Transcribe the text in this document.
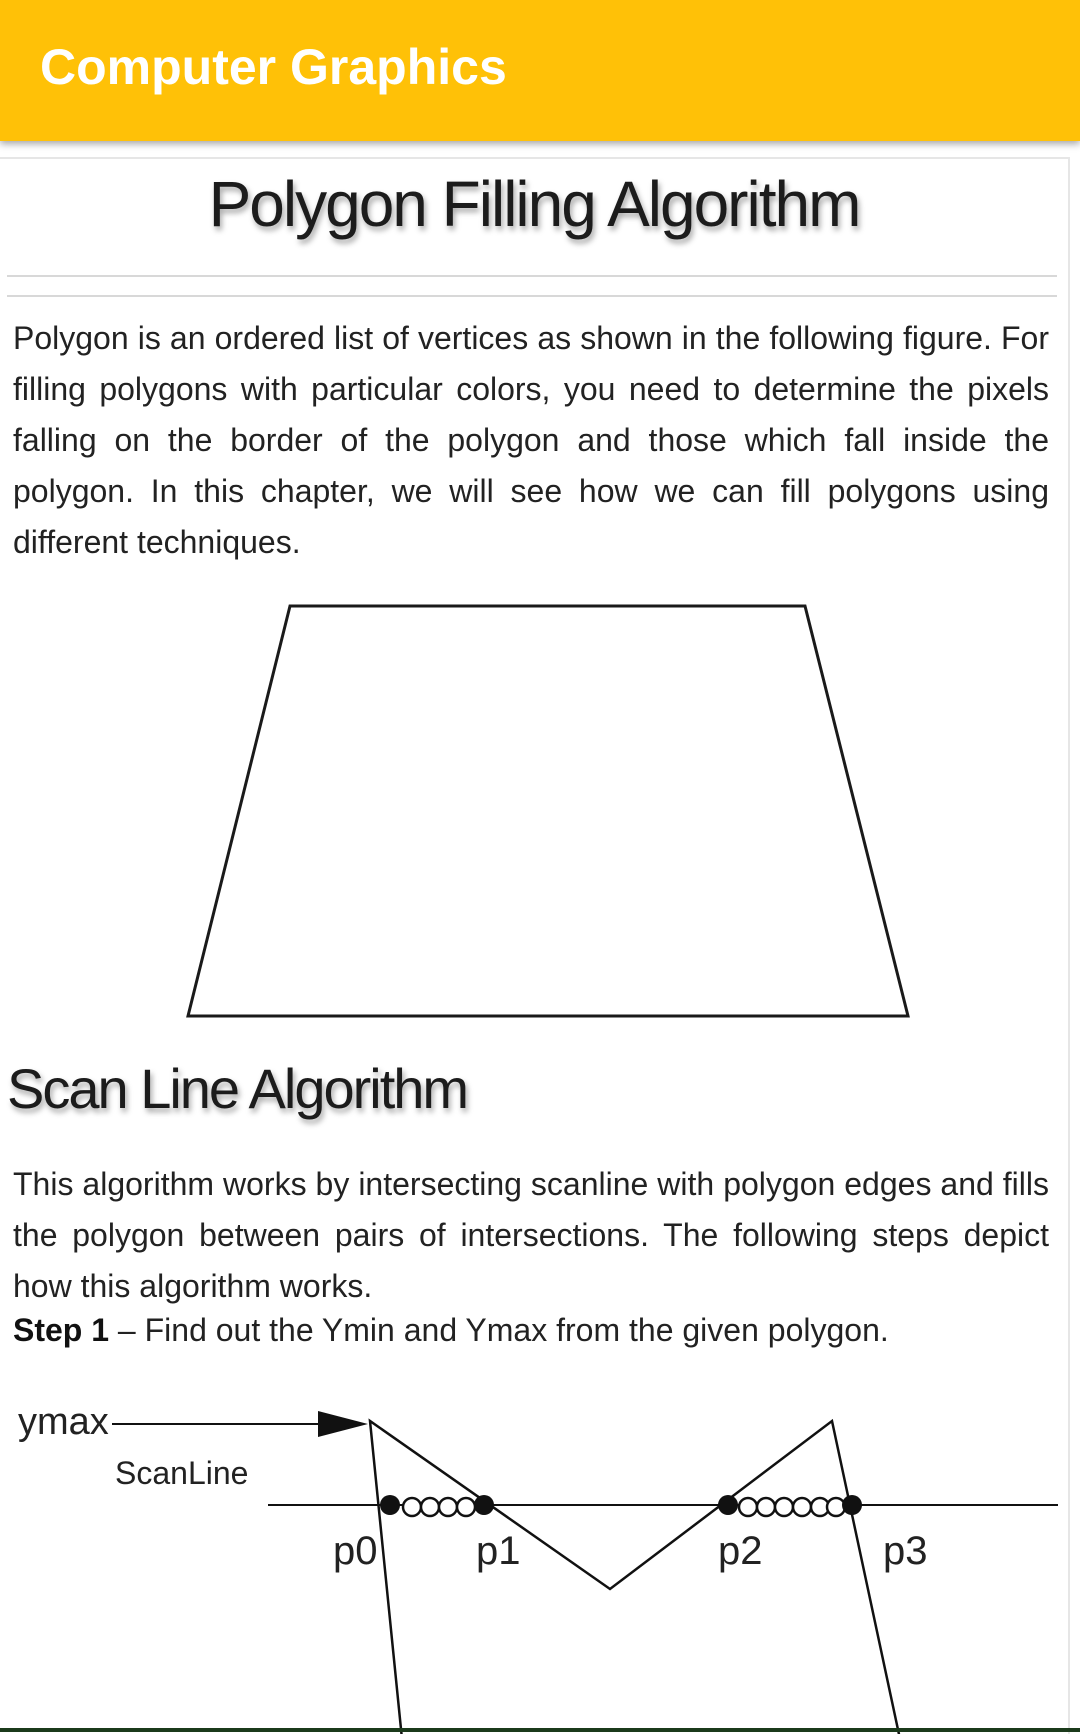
Computer Graphics
Polygon Filling Algorithm
Polygon is an ordered list of vertices as shown in the following figure. For filling polygons with particular colors, you need to determine the pixels falling on the border of the polygon and those which fall inside the polygon. In this chapter, we will see how we can fill polygons using different techniques.
Scan Line Algorithm
This algorithm works by intersecting scanline with polygon edges and fills the polygon between pairs of intersections. The following steps depict how this algorithm works.
Step 1 – Find out the Ymin and Ymax from the given polygon.
ymax
ScanLine
p0 p1	p2	p3
